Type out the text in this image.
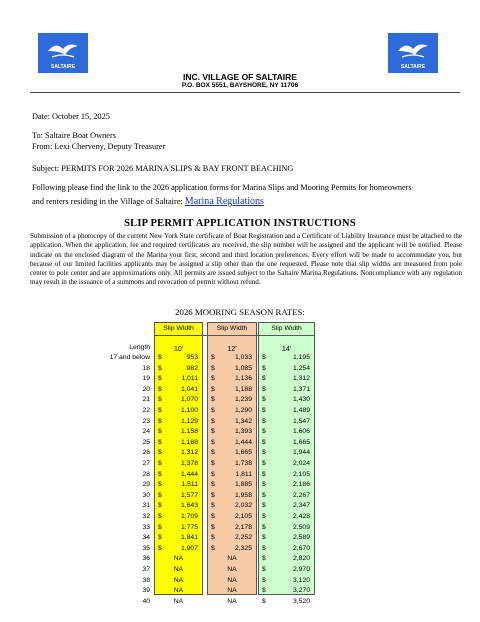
SALTAIRE	SALTAIRE
INC. VILLAGE OF SALTAIRE
P.O. BOX 5551, BAYSHORE, NY 11706
Date: October 15, 2025
To: Saltaire Boat Owners
From: Lexi Cherveny, Deputy Treasurer
Subject: PERMITS FOR 2026 MARINA SLIPS & BAY FRONT BEACHING
Following please find the link to the 2026 application forms for Marina Slips and Mooring Permits for homeowners
SLIP PERMIT APPLICATION INSTRUCTIONS
Submission of a photocopy of the current New York State certificate of Boat Registration and a Certificate of Liability Insurance must be attached to the application. When the application, fee and required certificates are received, the slip number will be assigned and the applicant will be notified. Please indicate on the enclosed diagram of the Marina your first, second and third location preferences. Every effort will be made to accommodate you, but because of our limited facilities applicants may be assigned a slip other than the one requested. Please note that slip widths are measured from pole center to pole center and are approximations only. All permits are issued subject to the Saltaire Marina Regulations. Noncompliance with any regulation may result in the issuance of a summons and revocation of permit without refund.
2026 MOORING SEASON RATES:
Slip Width
10'
Slip Width
12'
Slip Width
14'
Length
17 and below $	953 $	1,033 $	1,195
18 $	982 $	1,085 $	1,254
19 $	1,011 $	1,136 $	1,312
20 $	1,041 $	1,188 $	1,371
21 $	1,070 $	1,239 $	1,430
22 $	1,100 $	1,290 $	1,489
23 $	1,129 $	1,342 $	1,547
24 $	1,158 $	1,393 $	1,606
25 $	1,188 $	1,444 $	1,665
26 $	1,312 $	1,665 $	1,944
27 $	1,378 $	1,738 $	2,024
28 $	1,444 $	1,811 $	2,105
29 $	1,511 $	1,885 $	2,186
30 $	1,577 $	1,958 $	2,267
31 $	1,643 $	2,032 $	2,347
32 $	1,709 $	2,105 $	2,428
33 $	1,775 $	2,178 $	2,509
34 $	1,841 $	2,252 $	2,589
35 $	1,907 $	2,325 $	2,670
36	NA	NA	$	2,820
37	NA	NA	$	2,970
38	NA	NA	$	3,120
39	NA	NA	$	3,270
40	NA	NA	$	3,520
and renters residing in the Village of Saltaire: Marina Regulations
